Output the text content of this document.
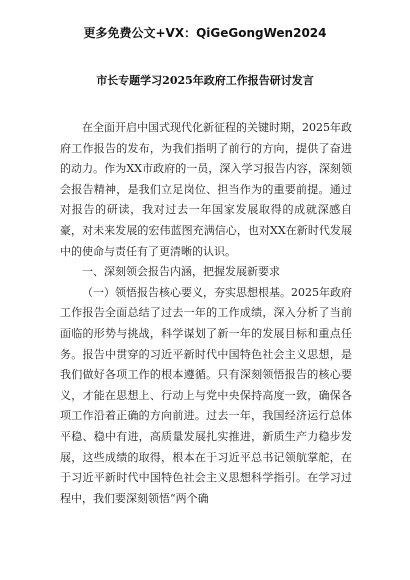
更多免费公文+VX：QiGeGongWen2024
市长专题学习2025年政府工作报告研讨发言

在全面开启中国式现代化新征程的关键时期，2025年政府工作报告的发布，为我们指明了前行的方向，提供了奋进的动力。作为XX市政府的一员，深入学习报告内容，深刻领会报告精神，是我们立足岗位、担当作为的重要前提。通过对报告的研读，我对过去一年国家发展取得的成就深感自豪，对未来发展的宏伟蓝图充满信心，也对XX在新时代发展中的使命与责任有了更清晰的认识。

一、深刻领会报告内涵，把握发展新要求

（一）领悟报告核心要义，夯实思想根基。2025年政府工作报告全面总结了过去一年的工作成绩，深入分析了当前面临的形势与挑战，科学谋划了新一年的发展目标和重点任务。报告中贯穿的习近平新时代中国特色社会主义思想，是我们做好各项工作的根本遵循。只有深刻领悟报告的核心要义，才能在思想上、行动上与党中央保持高度一致，确保各项工作沿着正确的方向前进。过去一年，我国经济运行总体平稳、稳中有进，高质量发展扎实推进，新质生产力稳步发展，这些成绩的取得，根本在于习近平总书记领航掌舵，在于习近平新时代中国特色社会主义思想科学指引。在学习过程中，我们要深刻领悟“两个确
